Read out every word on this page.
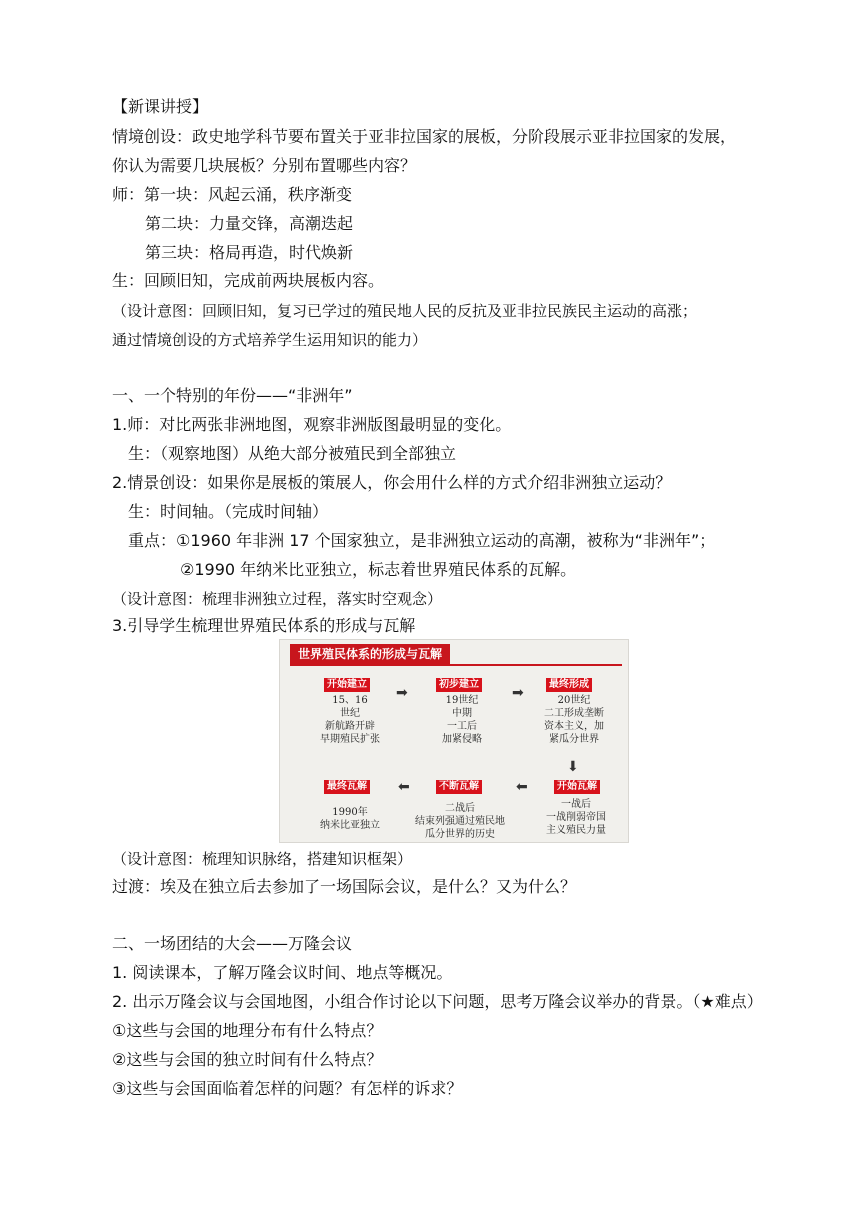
【新课讲授】
情境创设：政史地学科节要布置关于亚非拉国家的展板，分阶段展示亚非拉国家的发展，
你认为需要几块展板？分别布置哪些内容？
师：第一块：风起云涌，秩序渐变
第二块：力量交锋，高潮迭起
第三块：格局再造，时代焕新
生：回顾旧知，完成前两块展板内容。
（设计意图：回顾旧知，复习已学过的殖民地人民的反抗及亚非拉民族民主运动的高涨；
通过情境创设的方式培养学生运用知识的能力）
一、一个特别的年份——“非洲年”
1.师：对比两张非洲地图，观察非洲版图最明显的变化。
生：（观察地图）从绝大部分被殖民到全部独立
2.情景创设：如果你是展板的策展人，你会用什么样的方式介绍非洲独立运动？
生：时间轴。（完成时间轴）
重点：①1960 年非洲 17 个国家独立，是非洲独立运动的高潮，被称为“非洲年”；
②1990 年纳米比亚独立，标志着世界殖民体系的瓦解。
（设计意图：梳理非洲独立过程，落实时空观念）
3.引导学生梳理世界殖民体系的形成与瓦解
世界殖民体系的形成与瓦解
开始建立
15、16
世纪
新航路开辟
早期殖民扩张
➡
初步建立
19世纪
中期
一工后
加紧侵略
➡
最终形成
20世纪
二工形成垄断
资本主义，加
紧瓜分世界
⬇
开始瓦解
一战后
一战削弱帝国
主义殖民力量
⬅
不断瓦解
二战后
结束列强通过殖民地
瓜分世界的历史
⬅
最终瓦解
1990年
纳米比亚独立
（设计意图：梳理知识脉络，搭建知识框架）
过渡：埃及在独立后去参加了一场国际会议，是什么？又为什么？
二、一场团结的大会——万隆会议
1. 阅读课本，了解万隆会议时间、地点等概况。
2. 出示万隆会议与会国地图，小组合作讨论以下问题，思考万隆会议举办的背景。（★难点）
①这些与会国的地理分布有什么特点？
②这些与会国的独立时间有什么特点？
③这些与会国面临着怎样的问题？有怎样的诉求？
